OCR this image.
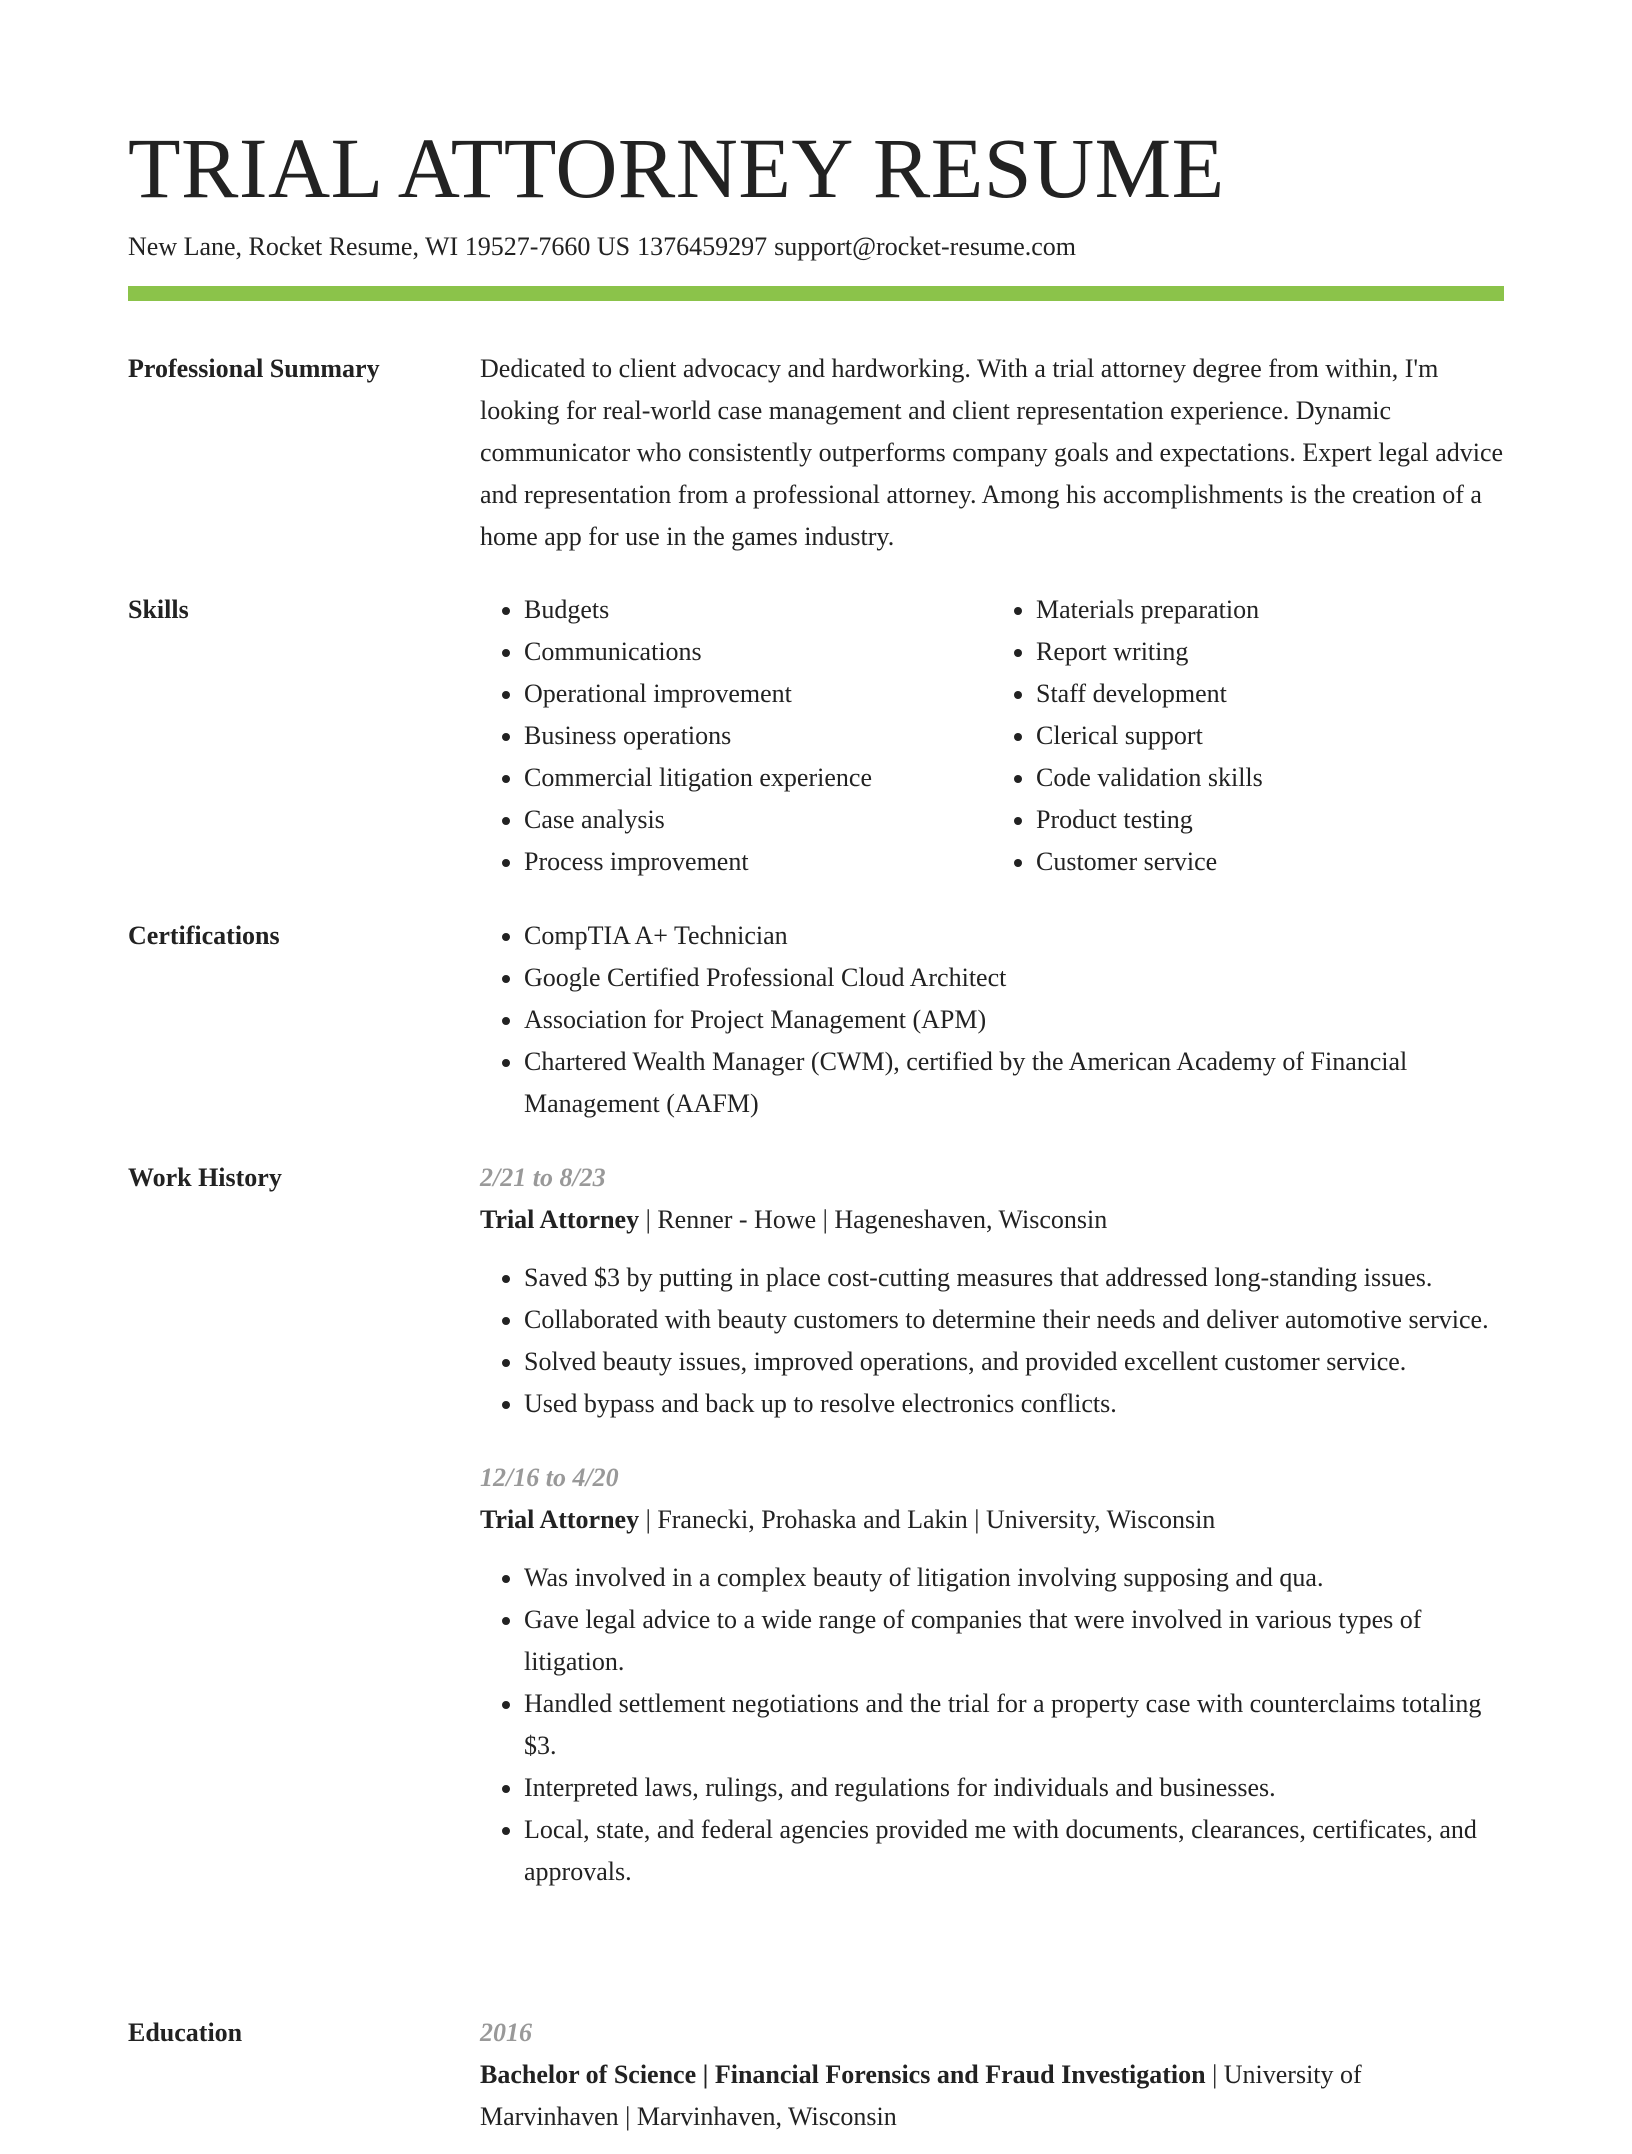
TRIAL ATTORNEY RESUME
New Lane, Rocket Resume, WI 19527-7660 US 1376459297 support@rocket-resume.com
Professional Summary	Dedicated to client advocacy and hardworking. With a trial attorney degree from within, I'm looking for real-world case management and client representation experience. Dynamic communicator who consistently outperforms company goals and expectations. Expert legal advice and representation from a professional attorney. Among his accomplishments is the creation of a home app for use in the games industry.

Skills	• Budgets
• Communications
• Operational improvement
• Business operations
• Commercial litigation experience
• Case analysis
• Process improvement
• Materials preparation
• Report writing
• Staff development
• Clerical support
• Code validation skills
• Product testing
• Customer service
Certifications	• CompTIA A+ Technician
• Google Certified Professional Cloud Architect
• Association for Project Management (APM)
• Chartered Wealth Manager (CWM), certified by the American Academy of Financial Management (AAFM)
Work History	2/21 to 8/23
Trial Attorney | Renner - Howe | Hageneshaven, Wisconsin
• Saved $3 by putting in place cost-cutting measures that addressed long-standing issues.
• Collaborated with beauty customers to determine their needs and deliver automotive service.
• Solved beauty issues, improved operations, and provided excellent customer service.
• Used bypass and back up to resolve electronics conflicts.
12/16 to 4/20
Trial Attorney | Franecki, Prohaska and Lakin | University, Wisconsin
• Was involved in a complex beauty of litigation involving supposing and qua.
• Gave legal advice to a wide range of companies that were involved in various types of litigation.
• Handled settlement negotiations and the trial for a property case with counterclaims totaling $3.
• Interpreted laws, rulings, and regulations for individuals and businesses.
• Local, state, and federal agencies provided me with documents, clearances, certificates, and approvals.
Education	2016
Bachelor of Science | Financial Forensics and Fraud Investigation | University of Marvinhaven | Marvinhaven, Wisconsin
